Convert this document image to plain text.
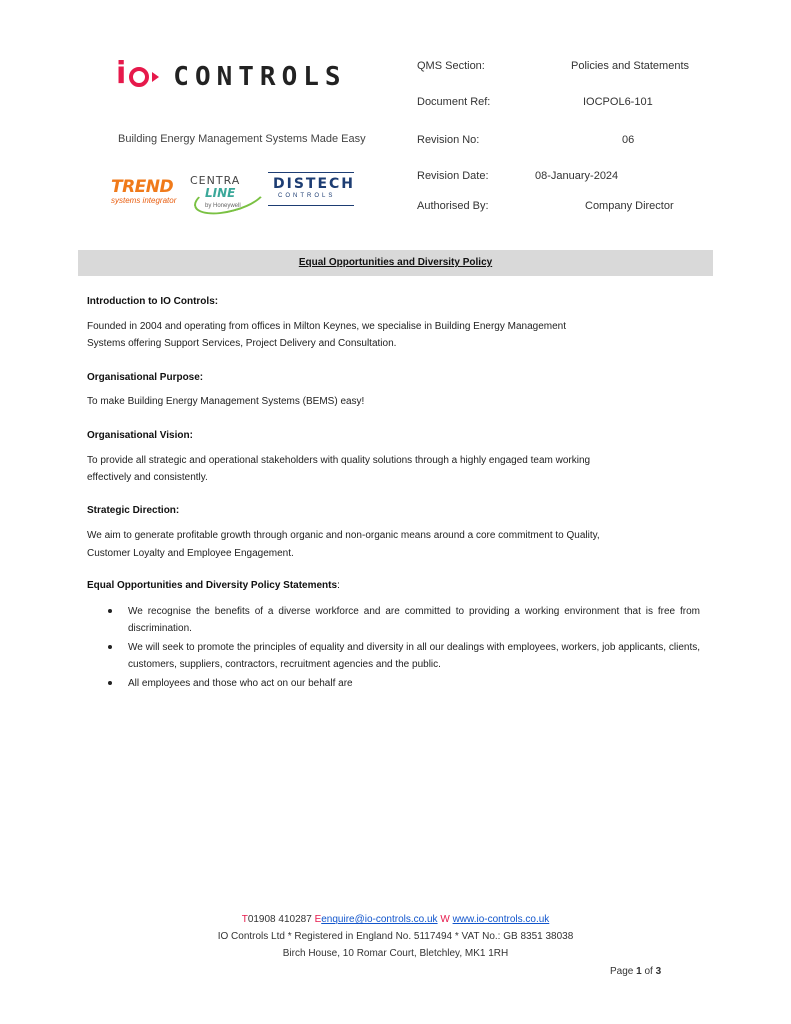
i CONTROLS
Building Energy Management Systems Made Easy
TREND
systems integrator
CENTRA
LINE
by Honeywell
DISTECH
CONTROLS
QMS Section:	Policies and Statements
Document Ref:	IOCPOL6-101
Revision No:	06
Revision Date:	08-January-2024
Authorised By:	Company Director
Equal Opportunities and Diversity Policy
Introduction to IO Controls:
Founded in 2004 and operating from offices in Milton Keynes, we specialise in Building Energy Management
Systems offering Support Services, Project Delivery and Consultation.
Organisational Purpose:
To make Building Energy Management Systems (BEMS) easy!
Organisational Vision:
To provide all strategic and operational stakeholders with quality solutions through a highly engaged team working
effectively and consistently.
Strategic Direction:
We aim to generate profitable growth through organic and non-organic means around a core commitment to Quality,
Customer Loyalty and Employee Engagement.
Equal Opportunities and Diversity Policy Statements:
We recognise the benefits of a diverse workforce and are committed to providing a working environment that is free from discrimination.
We will seek to promote the principles of equality and diversity in all our dealings with employees, workers, job applicants, clients, customers, suppliers, contractors, recruitment agencies and the public.
All employees and those who act on our behalf are
T01908 410287 Eenquire@io-controls.co.uk W www.io-controls.co.uk
IO Controls Ltd * Registered in England No. 5117494 * VAT No.: GB 8351 38038
Birch House, 10 Romar Court, Bletchley, MK1 1RH
Page 1 of 3
